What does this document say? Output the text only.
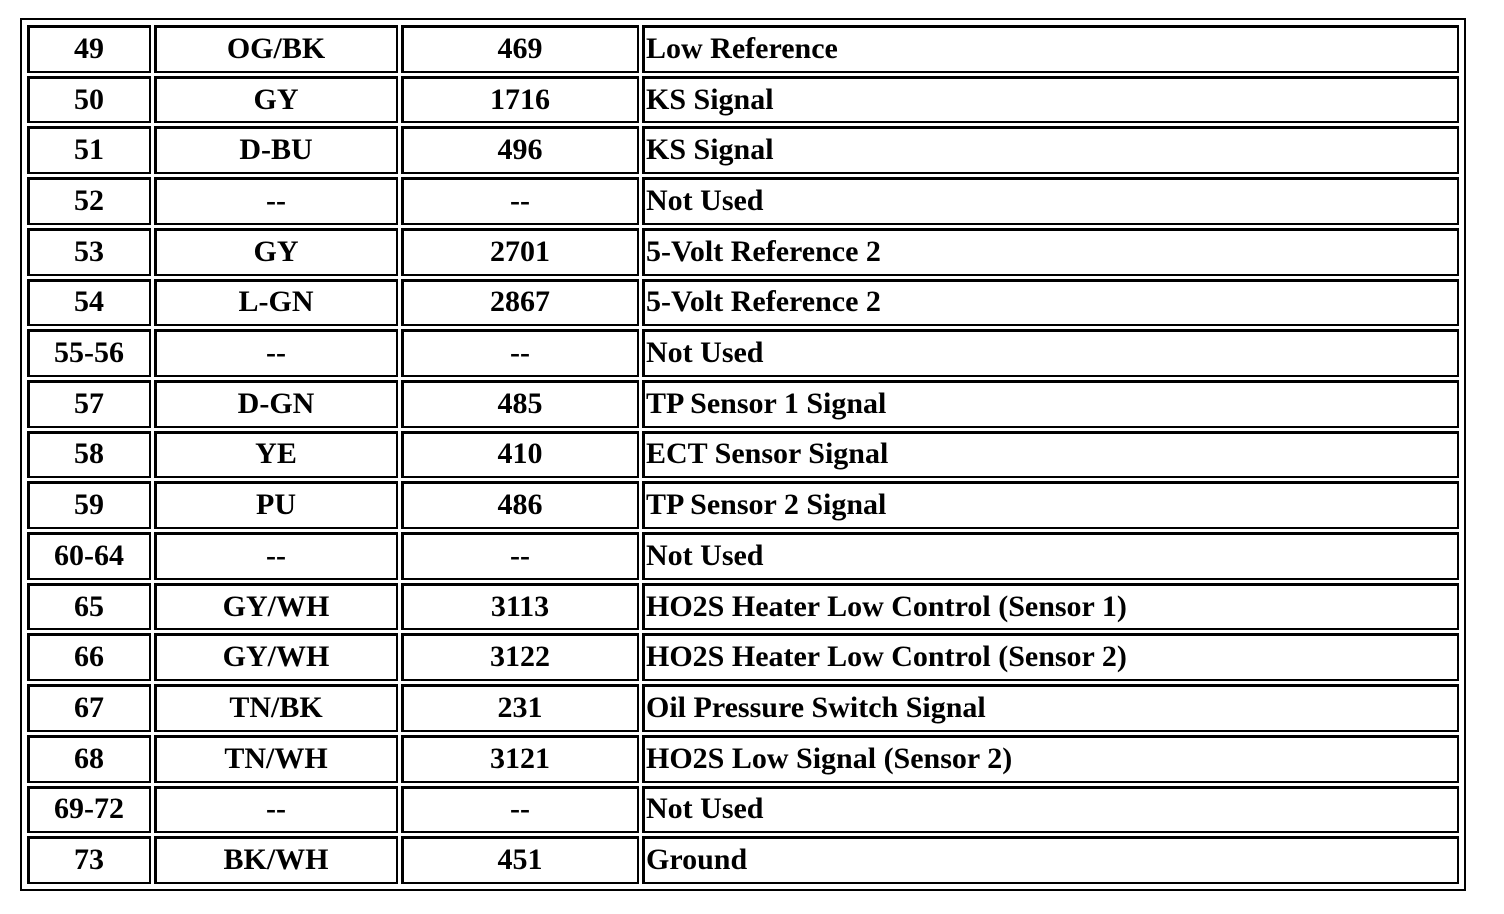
49	OG/BK	469	Low Reference
50	GY	1716	KS Signal
51	D-BU	496	KS Signal
52	--	--	Not Used
53	GY	2701	5-Volt Reference 2
54	L-GN	2867	5-Volt Reference 2
55-56	--	--	Not Used
57	D-GN	485	TP Sensor 1 Signal
58	YE	410	ECT Sensor Signal
59	PU	486	TP Sensor 2 Signal
60-64	--	--	Not Used
65	GY/WH	3113	HO2S Heater Low Control (Sensor 1)
66	GY/WH	3122	HO2S Heater Low Control (Sensor 2)
67	TN/BK	231	Oil Pressure Switch Signal
68	TN/WH	3121	HO2S Low Signal (Sensor 2)
69-72	--	--	Not Used
73	BK/WH	451	Ground
